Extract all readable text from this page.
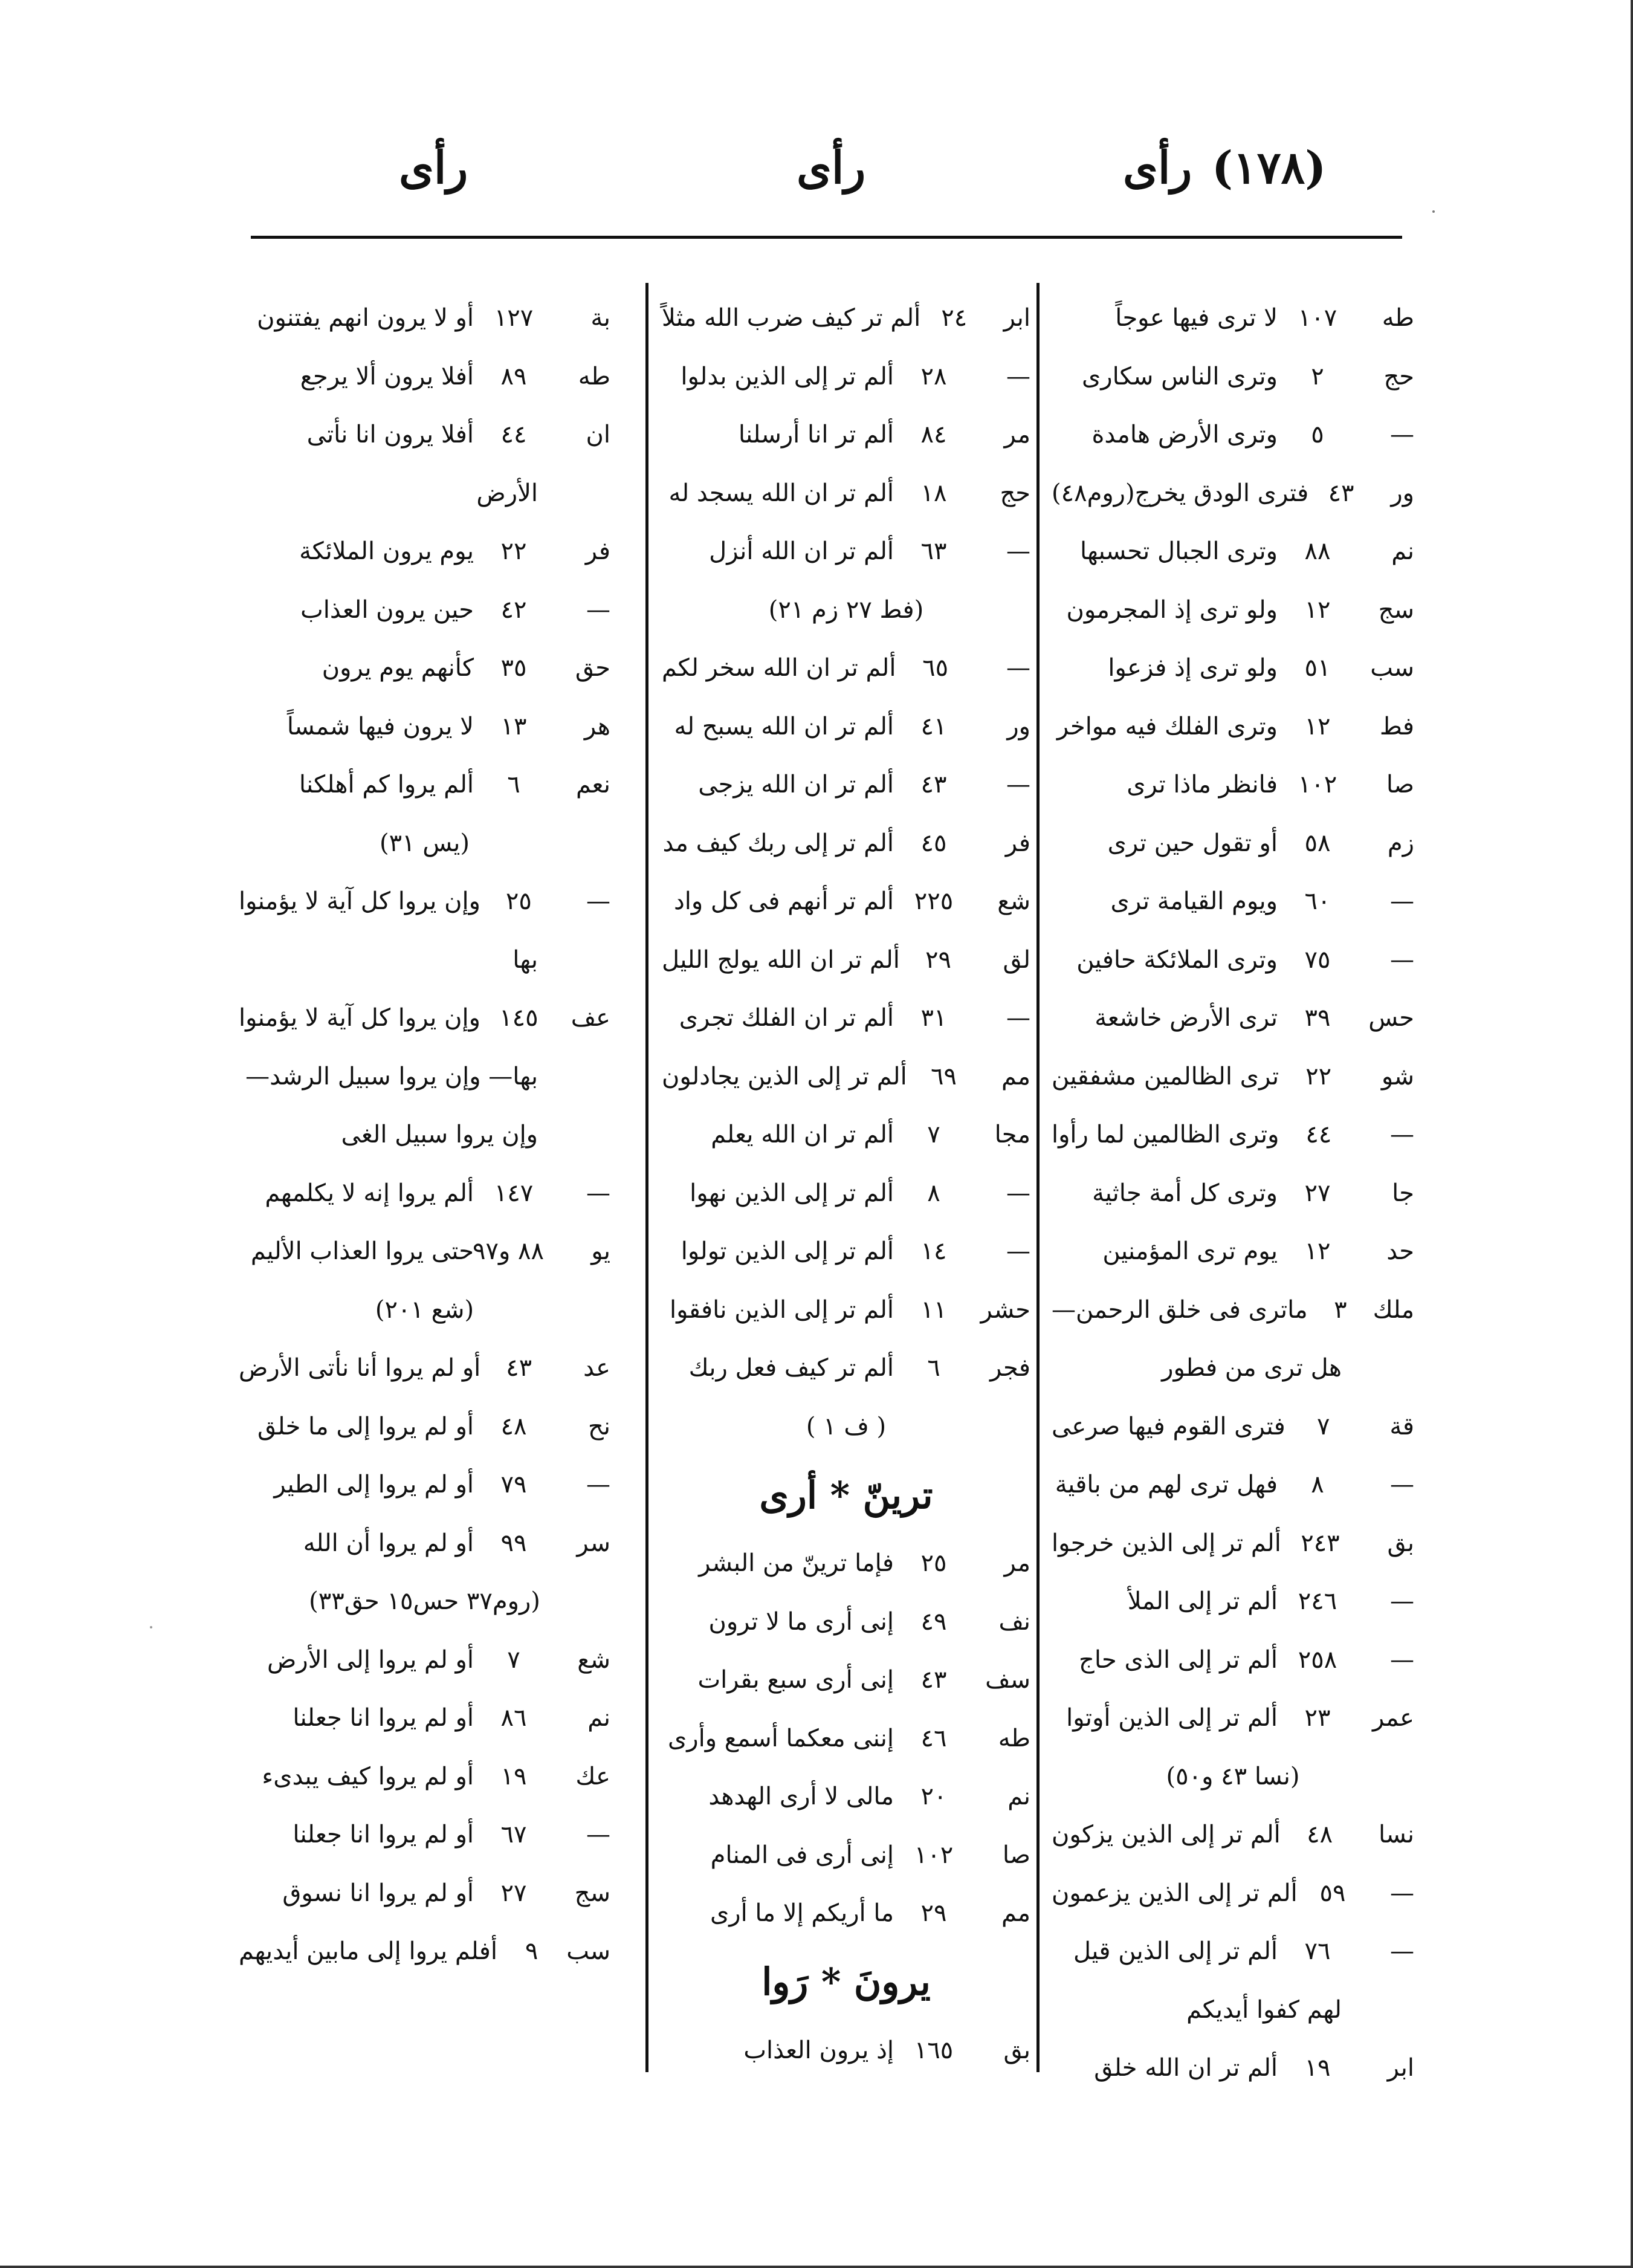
(١٧٨)
رأى
رأى
رأى
طه
١٠٧
لا ترى فيها عوجاً
حج
٢
وترى الناس سكارى
—
٥
وترى الأرض هامدة
ور
٤٣
فترى الودق يخرج(روم٤٨)
نم
٨٨
وترى الجبال تحسبها
سج
١٢
ولو ترى إذ المجرمون
سب
٥١
ولو ترى إذ فزعوا
فط
١٢
وترى الفلك فيه مواخر
صا
١٠٢
فانظر ماذا ترى
زم
٥٨
أو تقول حين ترى
—
٦٠
ويوم القيامة ترى
—
٧٥
وترى الملائكة حافين
حس
٣٩
ترى الأرض خاشعة
شو
٢٢
ترى الظالمين مشفقين
—
٤٤
وترى الظالمين لما رأوا
جا
٢٧
وترى كل أمة جاثية
حد
١٢
يوم ترى المؤمنين
ملك
٣
ماترى فى خلق الرحمن—
هل ترى من فطور
قة
٧
فترى القوم فيها صرعى
—
٨
فهل ترى لهم من باقية
بق
٢٤٣
ألم تر إلى الذين خرجوا
—
٢٤٦
ألم تر إلى الملأ
—
٢٥٨
ألم تر إلى الذى حاج
عمر
٢٣
ألم تر إلى الذين أوتوا
(نسا ٤٣ و٥٠)
نسا
٤٨
ألم تر إلى الذين يزكون
—
٥٩
ألم تر إلى الذين يزعمون
—
٧٦
ألم تر إلى الذين قيل
لهم كفوا أيديكم
ابر
١٩
ألم تر ان الله خلق
ابر
٢٤
ألم تر كيف ضرب الله مثلاً
—
٢٨
ألم تر إلى الذين بدلوا
مر
٨٤
ألم تر انا أرسلنا
حج
١٨
ألم تر ان الله يسجد له
—
٦٣
ألم تر ان الله أنزل
(فط ٢٧ زم ٢١)
—
٦٥
ألم تر ان الله سخر لكم
ور
٤١
ألم تر ان الله يسبح له
—
٤٣
ألم تر ان الله يزجى
فر
٤٥
ألم تر إلى ربك كيف مد
شع
٢٢٥
ألم تر أنهم فى كل واد
لق
٢٩
ألم تر ان الله يولج الليل
—
٣١
ألم تر ان الفلك تجرى
مم
٦٩
ألم تر إلى الذين يجادلون
مجا
٧
ألم تر ان الله يعلم
—
٨
ألم تر إلى الذين نهوا
—
١٤
ألم تر إلى الذين تولوا
حشر
١١
ألم تر إلى الذين نافقوا
فجر
٦
ألم تر كيف فعل ربك
( ف ١ )
ترينّ * أرى
مر
٢٥
فإما ترينّ من البشر
نف
٤٩
إنى أرى ما لا ترون
سف
٤٣
إنى أرى سبع بقرات
طه
٤٦
إننى معكما أسمع وأرى
نم
٢٠
مالى لا أرى الهدهد
صا
١٠٢
إنى أرى فى المنام
مم
٢٩
ما أريكم إلا ما أرى
يرونَ * رَوا
بق
١٦٥
إذ يرون العذاب
بة
١٢٧
أو لا يرون انهم يفتنون
طه
٨٩
أفلا يرون ألا يرجع
ان
٤٤
أفلا يرون انا نأتى
الأرض
فر
٢٢
يوم يرون الملائكة
—
٤٢
حين يرون العذاب
حق
٣٥
كأنهم يوم يرون
هر
١٣
لا يرون فيها شمساً
نعم
٦
ألم يروا كم أهلكنا
(يس ٣١)
—
٢٥
وإن يروا كل آية لا يؤمنوا
بها
عف
١٤٥
وإن يروا كل آية لا يؤمنوا
بها— وإن يروا سبيل الرشد—
وإن يروا سبيل الغى
—
١٤٧
ألم يروا إنه لا يكلمهم
يو
٨٨ و٩٧
حتى يروا العذاب الأليم
(شع ٢٠١)
عد
٤٣
أو لم يروا أنا نأتى الأرض
نح
٤٨
أو لم يروا إلى ما خلق
—
٧٩
أو لم يروا إلى الطير
سر
٩٩
أو لم يروا أن الله
(روم٣٧ حس١٥ حق٣٣)
شع
٧
أو لم يروا إلى الأرض
نم
٨٦
أو لم يروا انا جعلنا
عك
١٩
أو لم يروا كيف يبدىء
—
٦٧
أو لم يروا انا جعلنا
سج
٢٧
أو لم يروا انا نسوق
سب
٩
أفلم يروا إلى مابين أيديهم
